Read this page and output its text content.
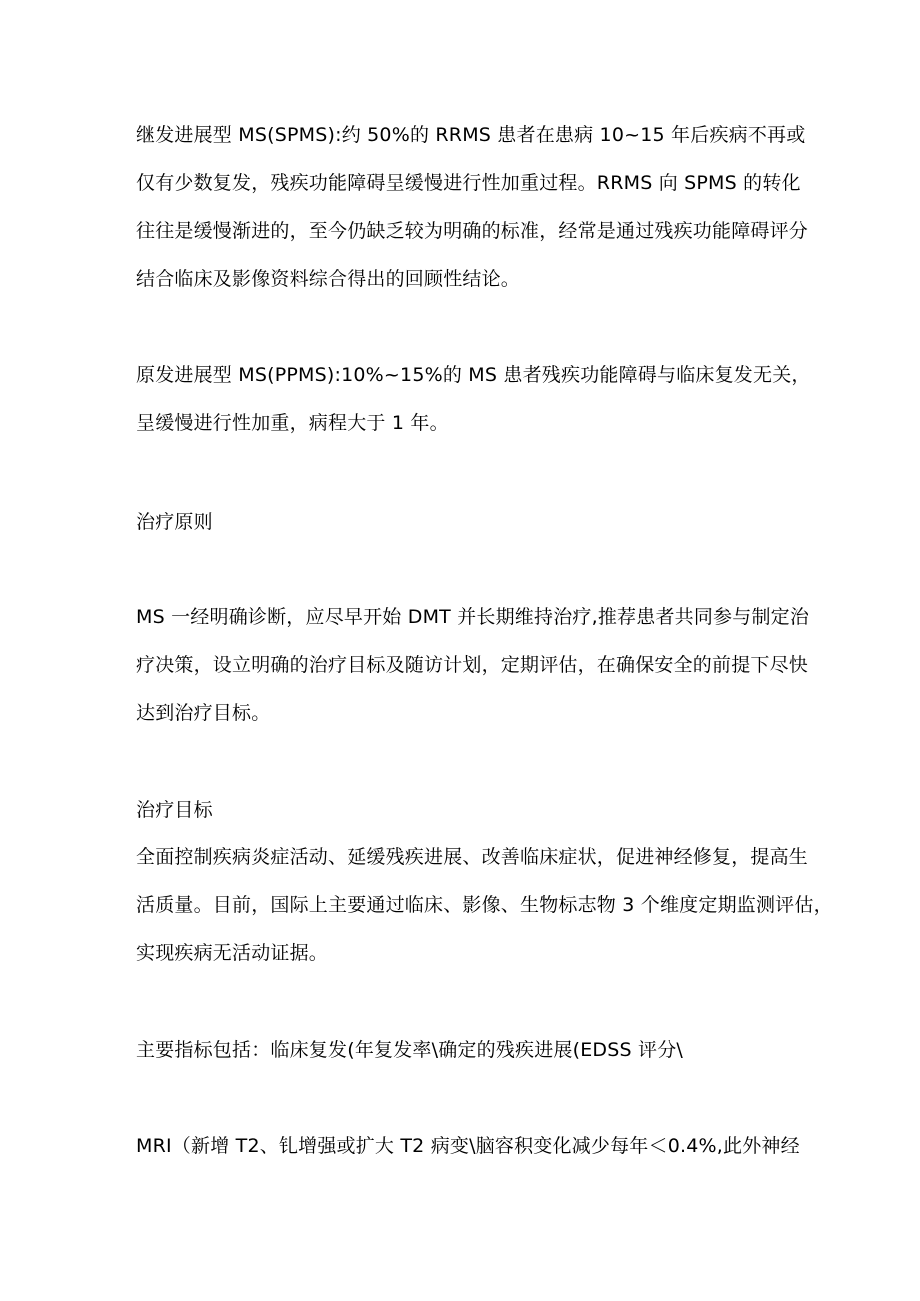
继发进展型 MS(SPMS):约 50%的 RRMS 患者在患病 10~15 年后疾病不再或
仅有少数复发，残疾功能障碍呈缓慢进行性加重过程。RRMS 向 SPMS 的转化
往往是缓慢渐进的，至今仍缺乏较为明确的标准，经常是通过残疾功能障碍评分
结合临床及影像资料综合得出的回顾性结论。
原发进展型 MS(PPMS):10%~15%的 MS 患者残疾功能障碍与临床复发无关，
呈缓慢进行性加重，病程大于 1 年。
治疗原则
MS 一经明确诊断，应尽早开始 DMT 并长期维持治疗,推荐患者共同参与制定治
疗决策，设立明确的治疗目标及随访计划，定期评估，在确保安全的前提下尽快
达到治疗目标。
治疗目标
全面控制疾病炎症活动、延缓残疾进展、改善临床症状，促进神经修复，提高生
活质量。目前，国际上主要通过临床、影像、生物标志物 3 个维度定期监测评估，
实现疾病无活动证据。
主要指标包括：临床复发(年复发率\确定的残疾进展(EDSS 评分\
MRI（新增 T2、钆增强或扩大 T2 病变\脑容积变化减少每年＜0.4%,此外神经
